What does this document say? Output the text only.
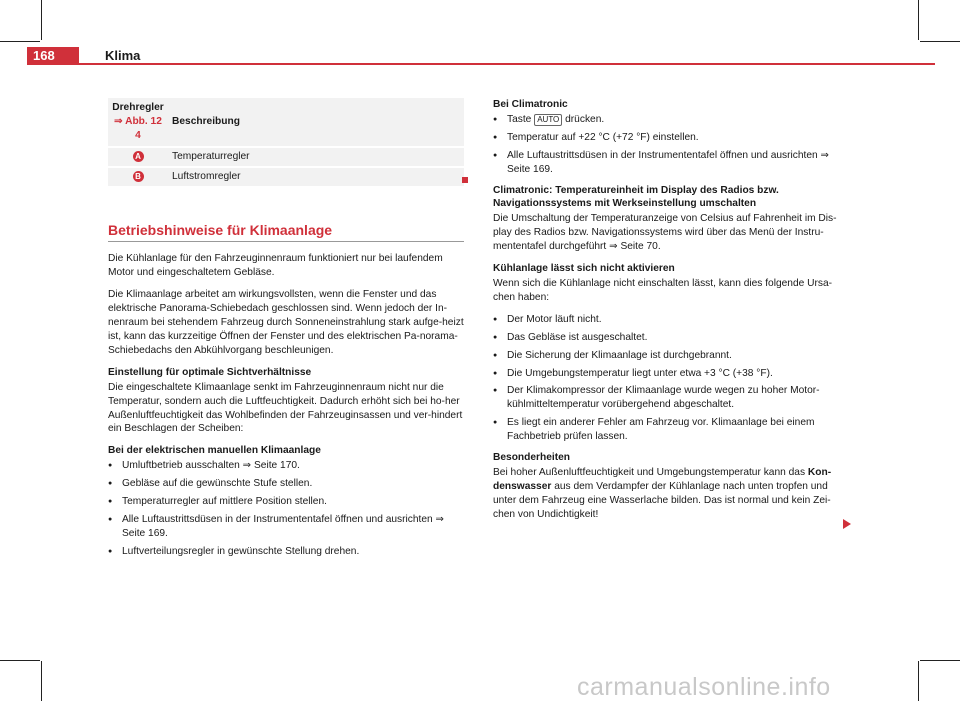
168	Klima
Drehregler
⇒ Abb. 12
4	Beschreibung
A	Temperaturregler
B	Luftstromregler
Betriebshinweise für Klimaanlage

Die Kühlanlage für den Fahrzeuginnenraum funktioniert nur bei laufendem Motor und eingeschaltetem Gebläse.

Die Klimaanlage arbeitet am wirkungsvollsten, wenn die Fenster und das elektrische Panorama-Schiebedach geschlossen sind. Wenn jedoch der In-nenraum bei stehendem Fahrzeug durch Sonneneinstrahlung stark aufge-heizt ist, kann das kurzzeitige Öffnen der Fenster und des elektrischen Pa-norama-Schiebedachs den Abkühlvorgang beschleunigen.

Einstellung für optimale Sichtverhältnisse

Die eingeschaltete Klimaanlage senkt im Fahrzeuginnenraum nicht nur die Temperatur, sondern auch die Luftfeuchtigkeit. Dadurch erhöht sich bei ho-her Außenluftfeuchtigkeit das Wohlbefinden der Fahrzeuginsassen und ver-hindert ein Beschlagen der Scheiben:

Bei der elektrischen manuellen Klimaanlage

● Umluftbetrieb ausschalten ⇒ Seite 170.
● Gebläse auf die gewünschte Stufe stellen.
● Temperaturregler auf mittlere Position stellen.
● Alle Luftaustrittsdüsen in der Instrumententafel öffnen und ausrichten ⇒ Seite 169.
● Luftverteilungsregler in gewünschte Stellung drehen.

Bei Climatronic

● Taste AUTO drücken.
● Temperatur auf +22 °C (+72 °F) einstellen.
● Alle Luftaustrittsdüsen in der Instrumententafel öffnen und ausrichten ⇒ Seite 169.

Climatronic: Temperatureinheit im Display des Radios bzw. Navigationssystems mit Werkseinstellung umschalten

Die Umschaltung der Temperaturanzeige von Celsius auf Fahrenheit im Dis-play des Radios bzw. Navigationssystems wird über das Menü der Instru-mententafel durchgeführt ⇒ Seite 70.

Kühlanlage lässt sich nicht aktivieren

Wenn sich die Kühlanlage nicht einschalten lässt, kann dies folgende Ursa-chen haben:

● Der Motor läuft nicht.
● Das Gebläse ist ausgeschaltet.
● Die Sicherung der Klimaanlage ist durchgebrannt.
● Die Umgebungstemperatur liegt unter etwa +3 °C (+38 °F).
● Der Klimakompressor der Klimaanlage wurde wegen zu hoher Motor-kühlmitteltemperatur vorübergehend abgeschaltet.
● Es liegt ein anderer Fehler am Fahrzeug vor. Klimaanlage bei einem Fachbetrieb prüfen lassen.

Besonderheiten

Bei hoher Außenluftfeuchtigkeit und Umgebungstemperatur kann das Kon-denswasser aus dem Verdampfer der Kühlanlage nach unten tropfen und unter dem Fahrzeug eine Wasserlache bilden. Das ist normal und kein Zei-chen von Undichtigkeit!

carmanualsonline.info
